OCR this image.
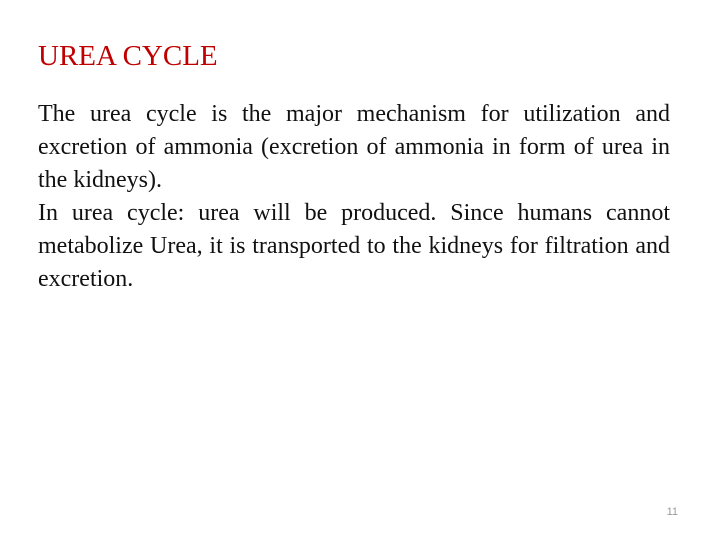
UREA CYCLE

The urea cycle is the major mechanism for utilization and excretion of ammonia (excretion of ammonia in form of urea in the kidneys).

In urea cycle: urea will be produced. Since humans cannot metabolize Urea, it is transported to the kidneys for filtration and excretion.

11
